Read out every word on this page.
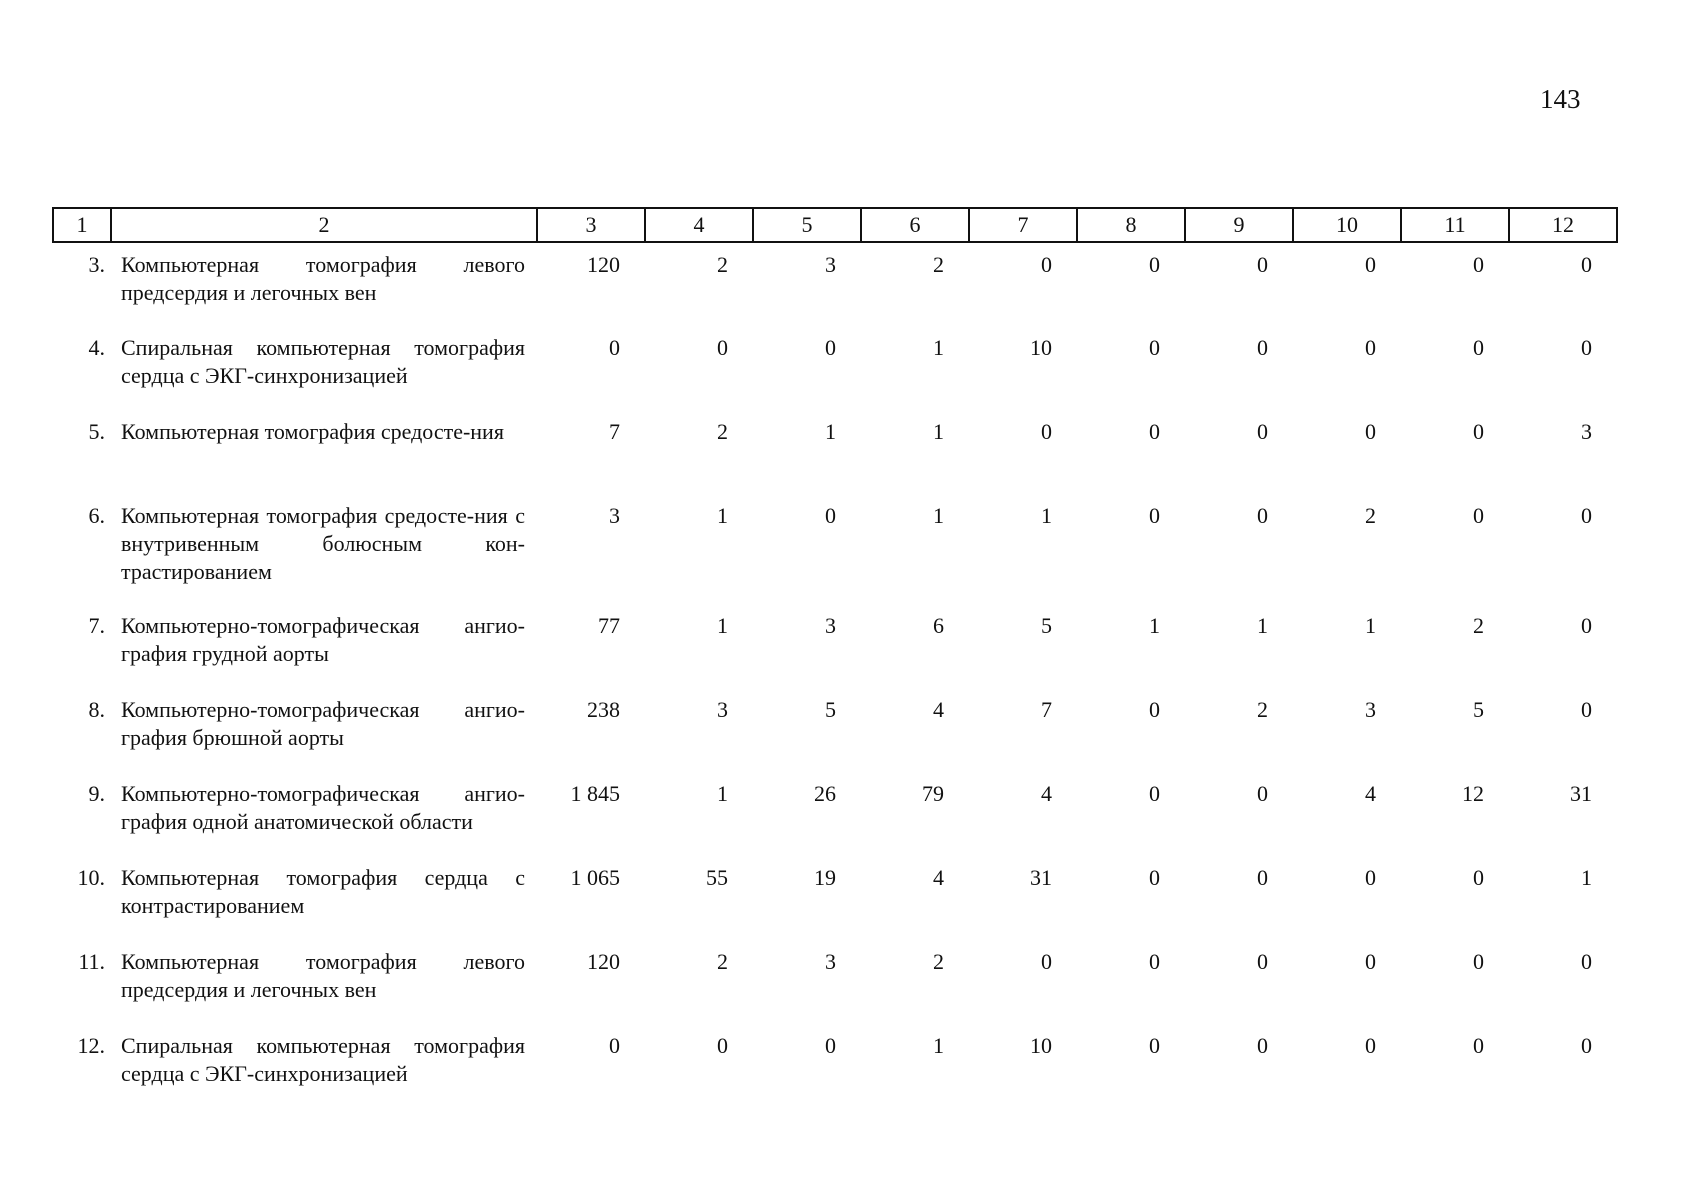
143
1	2	3	4	5	6	7	8	9	10	11	12
3.	Компьютерная томография левого предсердия и легочных вен	120	2	3	2	0	0	0	0	0	0
4.	Спиральная компьютерная томография сердца с ЭКГ-синхронизацией	0	0	0	1	10	0	0	0	0	0
5.	Компьютерная томография средосте-ния	7	2	1	1	0	0	0	0	0	3
6.	Компьютерная томография средосте-ния с внутривенным болюсным кон-трастированием	3	1	0	1	1	0	0	2	0	0
7.	Компьютерно-томографическая ангио-графия грудной аорты	77	1	3	6	5	1	1	1	2	0
8.	Компьютерно-томографическая ангио-графия брюшной аорты	238	3	5	4	7	0	2	3	5	0
9.	Компьютерно-томографическая ангио-графия одной анатомической области	1 845	1	26	79	4	0	0	4	12	31
10.	Компьютерная томография сердца с контрастированием	1 065	55	19	4	31	0	0	0	0	1
11.	Компьютерная томография левого предсердия и легочных вен	120	2	3	2	0	0	0	0	0	0
12.	Спиральная компьютерная томография сердца с ЭКГ-синхронизацией	0	0	0	1	10	0	0	0	0	0
